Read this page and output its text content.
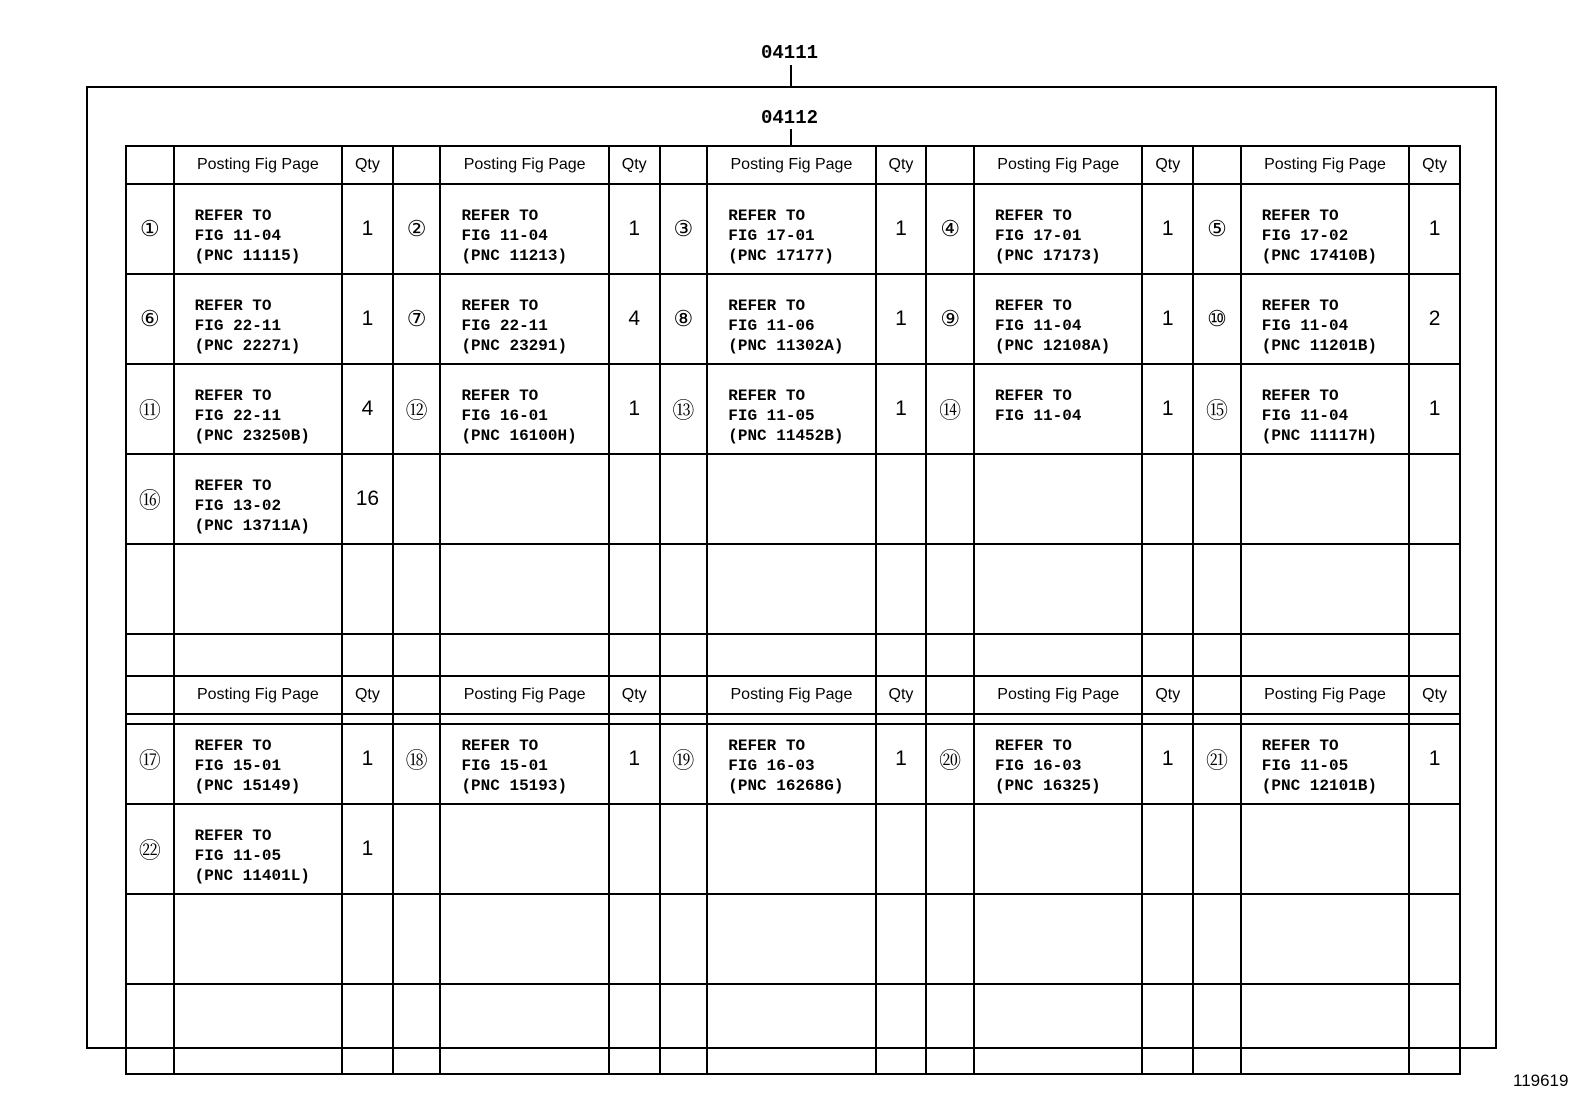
04111
04112
	Posting Fig Page	Qty		Posting Fig Page	Qty		Posting Fig Page	Qty		Posting Fig Page	Qty		Posting Fig Page	Qty
①	REFER TO
FIG 11-04
(PNC 11115)	1	②	REFER TO
FIG 11-04
(PNC 11213)	1	③	REFER TO
FIG 17-01
(PNC 17177)	1	④	REFER TO
FIG 17-01
(PNC 17173)	1	⑤	REFER TO
FIG 17-02
(PNC 17410B)	1
⑥	REFER TO
FIG 22-11
(PNC 22271)	1	⑦	REFER TO
FIG 22-11
(PNC 23291)	4	⑧	REFER TO
FIG 11-06
(PNC 11302A)	1	⑨	REFER TO
FIG 11-04
(PNC 12108A)	1	⑩	REFER TO
FIG 11-04
(PNC 11201B)	2
⑪	REFER TO
FIG 22-11
(PNC 23250B)	4	⑫	REFER TO
FIG 16-01
(PNC 16100H)	1	⑬	REFER TO
FIG 11-05
(PNC 11452B)	1	⑭	REFER TO
FIG 11-04	1	⑮	REFER TO
FIG 11-04
(PNC 11117H)	1
⑯	REFER TO
FIG 13-02
(PNC 13711A)	16		

	Posting Fig Page	Qty		Posting Fig Page	Qty		Posting Fig Page	Qty		Posting Fig Page	Qty		Posting Fig Page	Qty
⑰	REFER TO
FIG 15-01
(PNC 15149)	1	⑱	REFER TO
FIG 15-01
(PNC 15193)	1	⑲	REFER TO
FIG 16-03
(PNC 16268G)	1	⑳	REFER TO
FIG 16-03
(PNC 16325)	1	㉑	REFER TO
FIG 11-05
(PNC 12101B)	1
㉒	REFER TO
FIG 11-05
(PNC 11401L)	1		

119619
